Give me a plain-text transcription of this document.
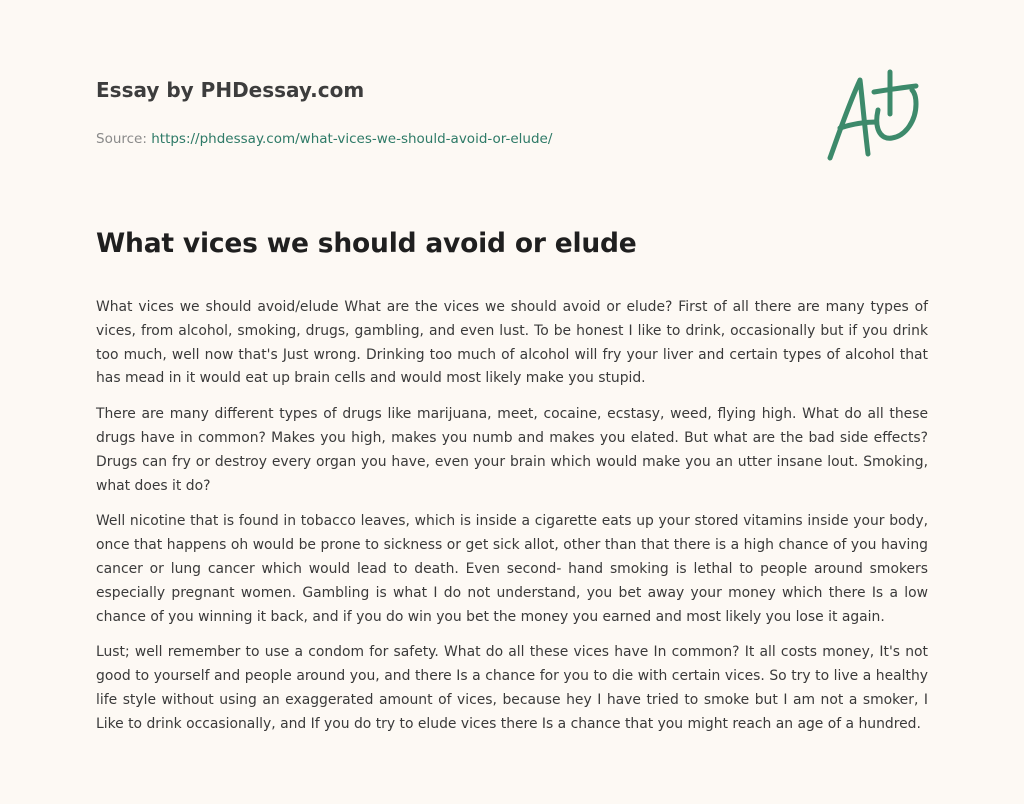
Essay by PHDessay.com
Source: https://phdessay.com/what-vices-we-should-avoid-or-elude/
What vices we should avoid or elude

What vices we should avoid/elude What are the vices we should avoid or elude? First of all there are many types of vices, from alcohol, smoking, drugs, gambling, and even lust. To be honest I like to drink, occasionally but if you drink too much, well now that's Just wrong. Drinking too much of alcohol will fry your liver and certain types of alcohol that has mead in it would eat up brain cells and would most likely make you stupid.

There are many different types of drugs like marijuana, meet, cocaine, ecstasy, weed, flying high. What do all these drugs have in common? Makes you high, makes you numb and makes you elated. But what are the bad side effects? Drugs can fry or destroy every organ you have, even your brain which would make you an utter insane lout. Smoking, what does it do?

Well nicotine that is found in tobacco leaves, which is inside a cigarette eats up your stored vitamins inside your body, once that happens oh would be prone to sickness or get sick allot, other than that there is a high chance of you having cancer or lung cancer which would lead to death. Even second- hand smoking is lethal to people around smokers especially pregnant women. Gambling is what I do not understand, you bet away your money which there Is a low chance of you winning it back, and if you do win you bet the money you earned and most likely you lose it again.

Lust; well remember to use a condom for safety. What do all these vices have In common? It all costs money, It's not good to yourself and people around you, and there Is a chance for you to die with certain vices. So try to live a healthy life style without using an exaggerated amount of vices, because hey I have tried to smoke but I am not a smoker, I Like to drink occasionally, and If you do try to elude vices there Is a chance that you might reach an age of a hundred.
